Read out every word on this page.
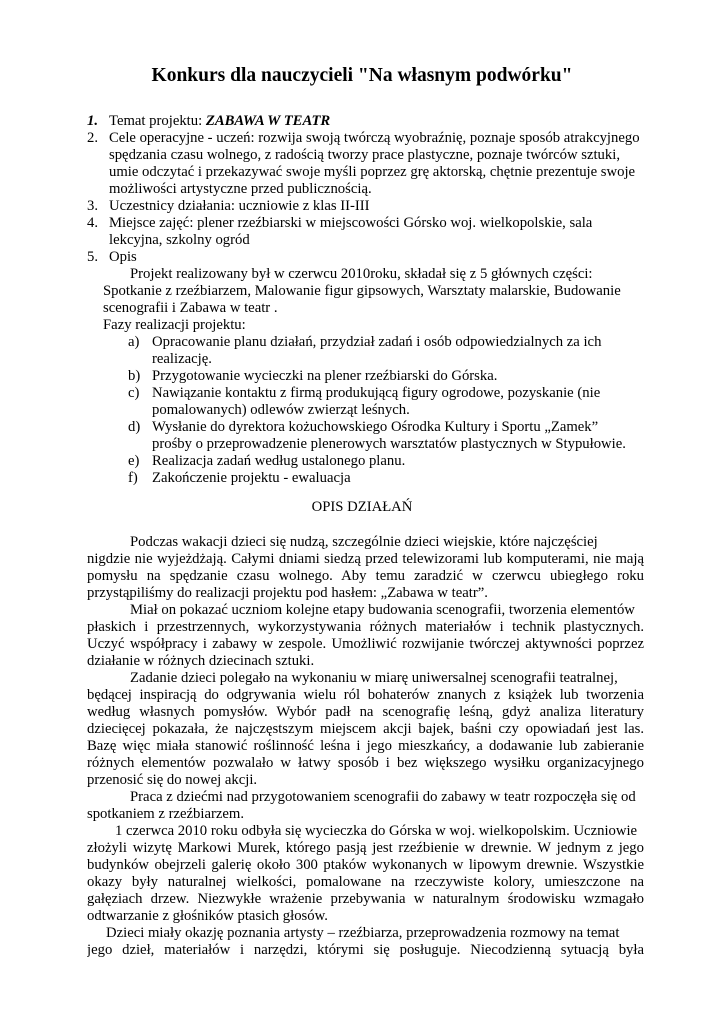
Konkurs dla nauczycieli "Na własnym podwórku"
1. Temat projektu: ZABAWA W TEATR
2. Cele operacyjne - uczeń: rozwija swoją twórczą wyobraźnię, poznaje sposób atrakcyjnego
spędzania czasu wolnego, z radością tworzy prace plastyczne, poznaje twórców sztuki,
umie odczytać i przekazywać swoje myśli poprzez grę aktorską, chętnie prezentuje swoje
możliwości artystyczne przed publicznością.
3. Uczestnicy działania: uczniowie z klas II-III
4. Miejsce zajęć: plener rzeźbiarski w miejscowości Górsko woj. wielkopolskie, sala
lekcyjna, szkolny ogród
5. Opis
Projekt realizowany był w czerwcu 2010roku, składał się z 5 głównych części:
Spotkanie z rzeźbiarzem, Malowanie figur gipsowych, Warsztaty malarskie, Budowanie
scenografii i Zabawa w teatr .
Fazy realizacji projektu:
a) Opracowanie planu działań, przydział zadań i osób odpowiedzialnych za ich
realizację.
b) Przygotowanie wycieczki na plener rzeźbiarski do Górska.
c) Nawiązanie kontaktu z firmą produkującą figury ogrodowe, pozyskanie (nie
pomalowanych) odlewów zwierząt leśnych.
d) Wysłanie do dyrektora kożuchowskiego Ośrodka Kultury i Sportu „Zamek”
prośby o przeprowadzenie plenerowych warsztatów plastycznych w Stypułowie.
e) Realizacja zadań według ustalonego planu.
f) Zakończenie projektu - ewaluacja
OPIS DZIAŁAŃ
Podczas wakacji dzieci się nudzą, szczególnie dzieci wiejskie, które najczęściej
nigdzie nie wyjeżdżają. Całymi dniami siedzą przed telewizorami lub komputerami, nie mają
pomysłu na spędzanie czasu wolnego. Aby temu zaradzić w czerwcu ubiegłego roku
przystąpiliśmy do realizacji projektu pod hasłem: „Zabawa w teatr”.
Miał on pokazać uczniom kolejne etapy budowania scenografii, tworzenia elementów
płaskich i przestrzennych, wykorzystywania różnych materiałów i technik plastycznych.
Uczyć współpracy i zabawy w zespole. Umożliwić rozwijanie twórczej aktywności poprzez
działanie w różnych dziecinach sztuki.
Zadanie dzieci polegało na wykonaniu w miarę uniwersalnej scenografii teatralnej,
będącej inspiracją do odgrywania wielu ról bohaterów znanych z książek lub tworzenia
według własnych pomysłów. Wybór padł na scenografię leśną, gdyż analiza literatury
dziecięcej pokazała, że najczęstszym miejscem akcji bajek, baśni czy opowiadań jest las.
Bazę więc miała stanowić roślinność leśna i jego mieszkańcy, a dodawanie lub zabieranie
różnych elementów pozwalało w łatwy sposób i bez większego wysiłku organizacyjnego
przenosić się do nowej akcji.
Praca z dziećmi nad przygotowaniem scenografii do zabawy w teatr rozpoczęła się od
spotkaniem z rzeźbiarzem.
1 czerwca 2010 roku odbyła się wycieczka do Górska w woj. wielkopolskim. Uczniowie
złożyli wizytę Markowi Murek, którego pasją jest rzeźbienie w drewnie. W jednym z jego
budynków obejrzeli galerię około 300 ptaków wykonanych w lipowym drewnie. Wszystkie
okazy były naturalnej wielkości, pomalowane na rzeczywiste kolory, umieszczone na
gałęziach drzew. Niezwykłe wrażenie przebywania w naturalnym środowisku wzmagało
odtwarzanie z głośników ptasich głosów.
Dzieci miały okazję poznania artysty – rzeźbiarza, przeprowadzenia rozmowy na temat
jego dzieł, materiałów i narzędzi, którymi się posługuje. Niecodzienną sytuacją była
